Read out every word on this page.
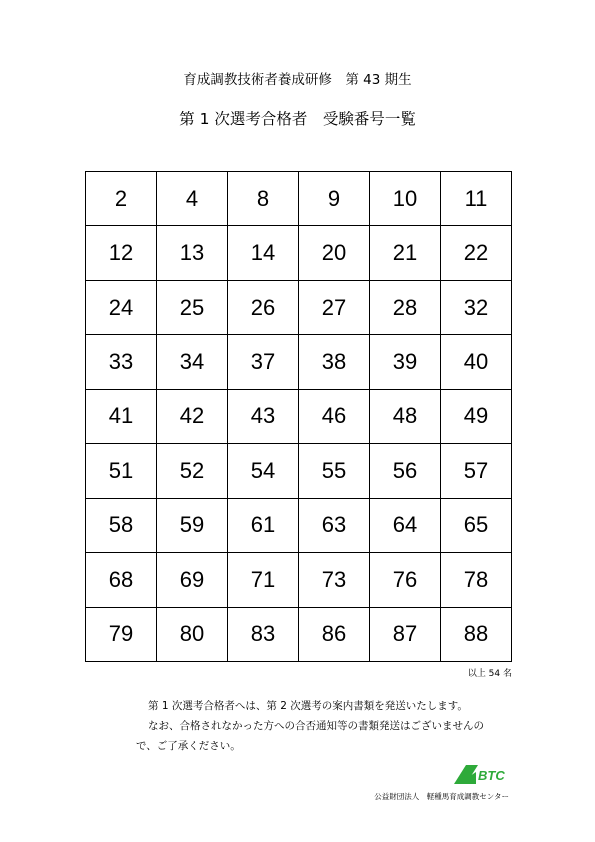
育成調教技術者養成研修　第 43 期生
第 1 次選考合格者　受験番号一覧
2	4	8	9	10	11
12	13	14	20	21	22
24	25	26	27	28	32
33	34	37	38	39	40
41	42	43	46	48	49
51	52	54	55	56	57
58	59	61	63	64	65
68	69	71	73	76	78
79	80	83	86	87	88
以上 54 名
第 1 次選考合格者へは、第 2 次選考の案内書類を発送いたします。
なお、合格されなかった方への合否通知等の書類発送はございませんの
で、ご了承ください。
BTC
公益財団法人　軽種馬育成調教センター
